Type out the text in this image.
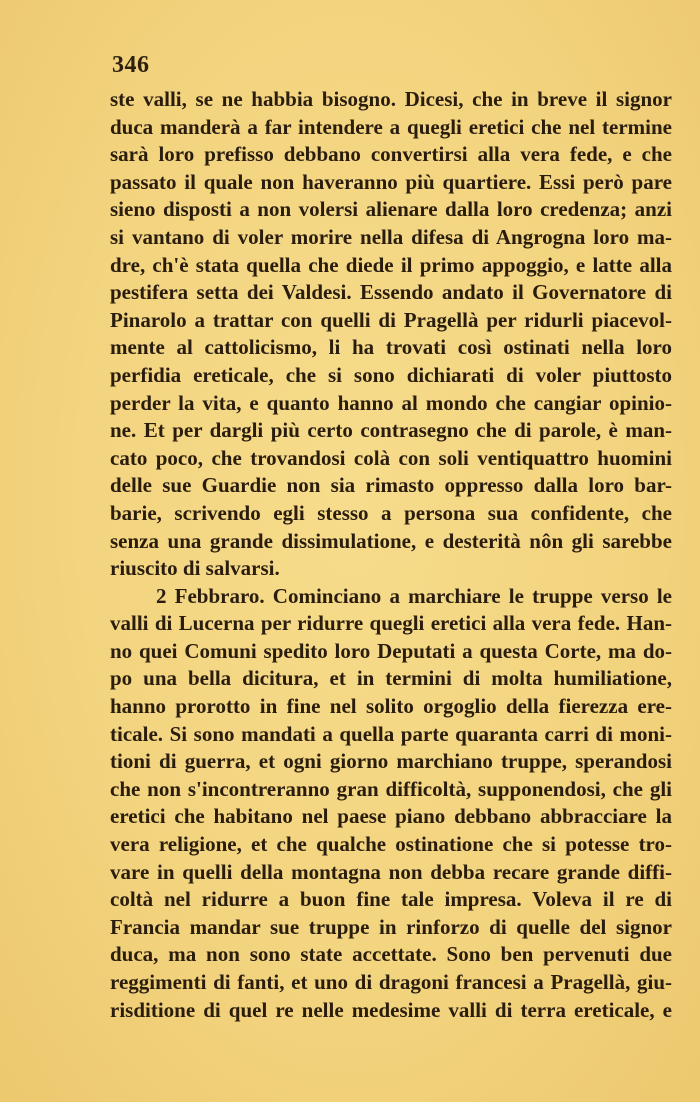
346
ste valli, se ne habbia bisogno. Dicesi, che in breve il signor
duca manderà a far intendere a quegli eretici che nel termine
sarà loro prefisso debbano convertirsi alla vera fede, e che
passato il quale non haveranno più quartiere. Essi però pare
sieno disposti a non volersi alienare dalla loro credenza; anzi
si vantano di voler morire nella difesa di Angrogna loro ma-
dre, ch'è stata quella che diede il primo appoggio, e latte alla
pestifera setta dei Valdesi. Essendo andato il Governatore di
Pinarolo a trattar con quelli di Pragellà per ridurli piacevol-
mente al cattolicismo, li ha trovati così ostinati nella loro
perfidia ereticale, che si sono dichiarati di voler piuttosto
perder la vita, e quanto hanno al mondo che cangiar opinio-
ne. Et per dargli più certo contrasegno che di parole, è man-
cato poco, che trovandosi colà con soli ventiquattro huomini
delle sue Guardie non sia rimasto oppresso dalla loro bar-
barie, scrivendo egli stesso a persona sua confidente, che
senza una grande dissimulatione, e desterità nôn gli sarebbe
riuscito di salvarsi.
2 Febbraro. Cominciano a marchiare le truppe verso le
valli di Lucerna per ridurre quegli eretici alla vera fede. Han-
no quei Comuni spedito loro Deputati a questa Corte, ma do-
po una bella dicitura, et in termini di molta humiliatione,
hanno prorotto in fine nel solito orgoglio della fierezza ere-
ticale. Si sono mandati a quella parte quaranta carri di moni-
tioni di guerra, et ogni giorno marchiano truppe, sperandosi
che non s'incontreranno gran difficoltà, supponendosi, che gli
eretici che habitano nel paese piano debbano abbracciare la
vera religione, et che qualche ostinatione che si potesse tro-
vare in quelli della montagna non debba recare grande diffi-
coltà nel ridurre a buon fine tale impresa. Voleva il re di
Francia mandar sue truppe in rinforzo di quelle del signor
duca, ma non sono state accettate. Sono ben pervenuti due
reggimenti di fanti, et uno di dragoni francesi a Pragellà, giu-
risditione di quel re nelle medesime valli di terra ereticale, e
